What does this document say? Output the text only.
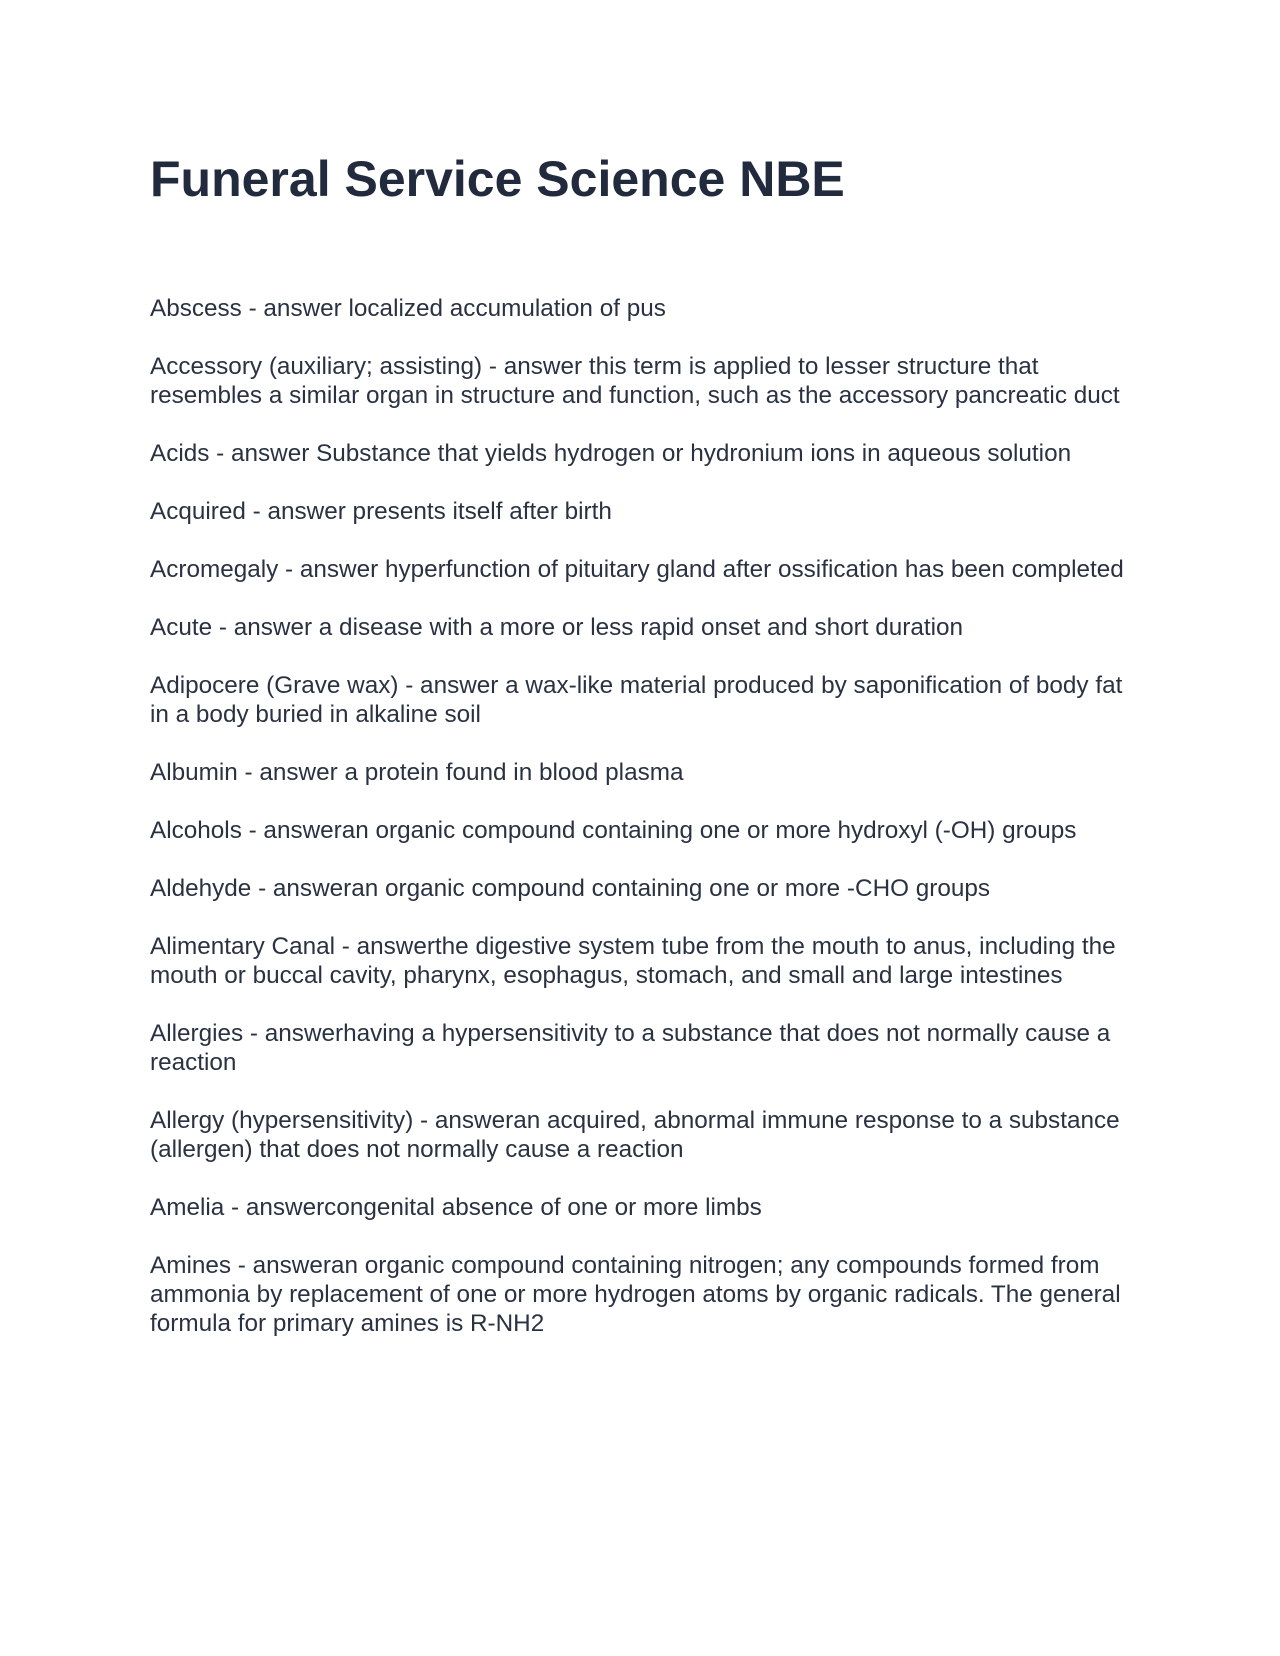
Funeral Service Science NBE
Abscess - answer localized accumulation of pus
Accessory (auxiliary; assisting) - answer this term is applied to lesser structure that resembles a similar organ in structure and function, such as the accessory pancreatic duct
Acids - answer Substance that yields hydrogen or hydronium ions in aqueous solution
Acquired - answer presents itself after birth
Acromegaly - answer hyperfunction of pituitary gland after ossification has been completed
Acute - answer a disease with a more or less rapid onset and short duration
Adipocere (Grave wax) - answer a wax-like material produced by saponification of body fat in a body buried in alkaline soil
Albumin - answer a protein found in blood plasma
Alcohols - answeran organic compound containing one or more hydroxyl (-OH) groups
Aldehyde - answeran organic compound containing one or more -CHO groups
Alimentary Canal - answerthe digestive system tube from the mouth to anus, including the mouth or buccal cavity, pharynx, esophagus, stomach, and small and large intestines
Allergies - answerhaving a hypersensitivity to a substance that does not normally cause a reaction
Allergy (hypersensitivity) - answeran acquired, abnormal immune response to a substance (allergen) that does not normally cause a reaction
Amelia - answercongenital absence of one or more limbs
Amines - answeran organic compound containing nitrogen; any compounds formed from ammonia by replacement of one or more hydrogen atoms by organic radicals. The general formula for primary amines is R-NH2
